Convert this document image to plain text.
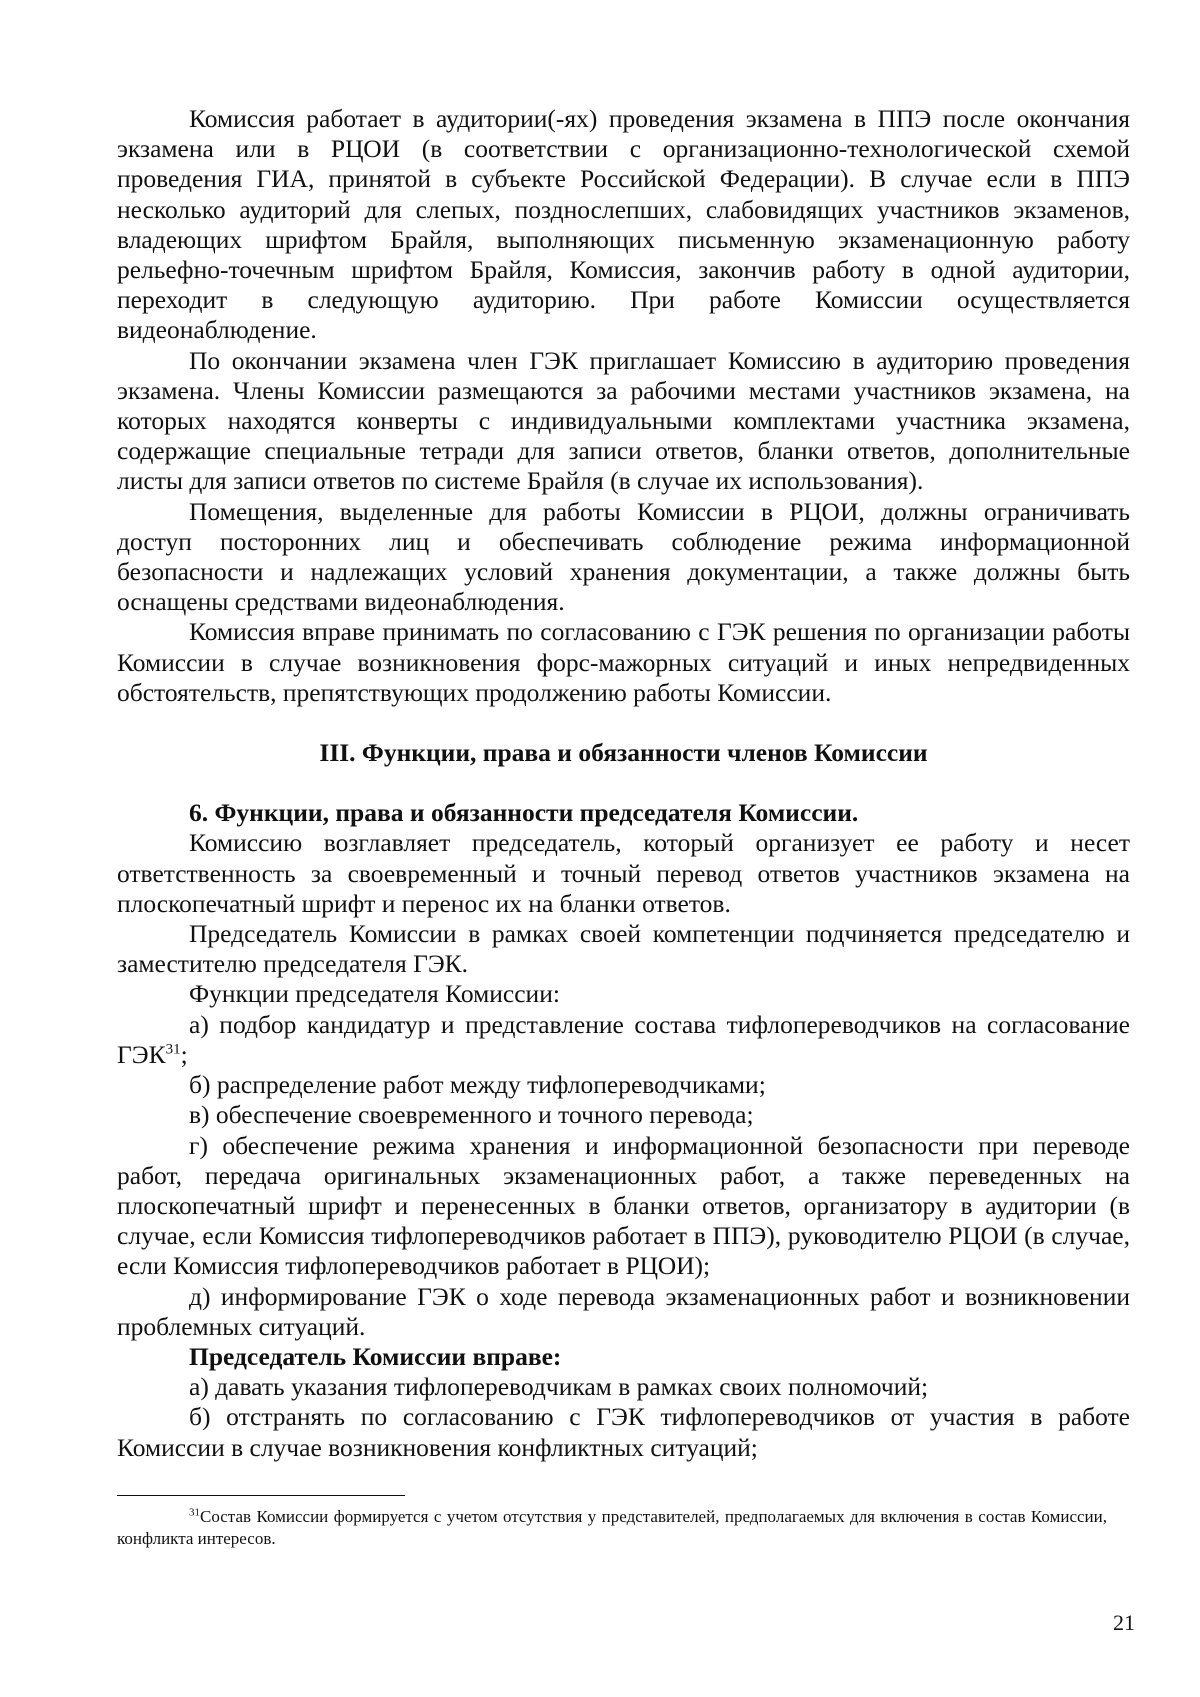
Комиссия работает в аудитории(-ях) проведения экзамена в ППЭ после окончания экзамена или в РЦОИ (в соответствии с организационно-технологической схемой проведения ГИА, принятой в субъекте Российской Федерации). В случае если в ППЭ несколько аудиторий для слепых, позднослепших, слабовидящих участников экзаменов, владеющих шрифтом Брайля, выполняющих письменную экзаменационную работу рельефно-точечным шрифтом Брайля, Комиссия, закончив работу в одной аудитории, переходит в следующую аудиторию. При работе Комиссии осуществляется видеонаблюдение.

По окончании экзамена член ГЭК приглашает Комиссию в аудиторию проведения экзамена. Члены Комиссии размещаются за рабочими местами участников экзамена, на которых находятся конверты с индивидуальными комплектами участника экзамена, содержащие специальные тетради для записи ответов, бланки ответов, дополнительные листы для записи ответов по системе Брайля (в случае их использования).

Помещения, выделенные для работы Комиссии в РЦОИ, должны ограничивать доступ посторонних лиц и обеспечивать соблюдение режима информационной безопасности и надлежащих условий хранения документации, а также должны быть оснащены средствами видеонаблюдения.

Комиссия вправе принимать по согласованию с ГЭК решения по организации работы Комиссии в случае возникновения форс-мажорных ситуаций и иных непредвиденных обстоятельств, препятствующих продолжению работы Комиссии.

III. Функции, права и обязанности членов Комиссии

6. Функции, права и обязанности председателя Комиссии.

Комиссию возглавляет председатель, который организует ее работу и несет ответственность за своевременный и точный перевод ответов участников экзамена на плоскопечатный шрифт и перенос их на бланки ответов.

Председатель Комиссии в рамках своей компетенции подчиняется председателю и заместителю председателя ГЭК.

Функции председателя Комиссии:

а) подбор кандидатур и представление состава тифлопереводчиков на согласование ГЭК$^{31}$;

б) распределение работ между тифлопереводчиками;

в) обеспечение своевременного и точного перевода;

г) обеспечение режима хранения и информационной безопасности при переводе работ, передача оригинальных экзаменационных работ, а также переведенных на плоскопечатный шрифт и перенесенных в бланки ответов, организатору в аудитории (в случае, если Комиссия тифлопереводчиков работает в ППЭ), руководителю РЦОИ (в случае, если Комиссия тифлопереводчиков работает в РЦОИ);

д) информирование ГЭК о ходе перевода экзаменационных работ и возникновении проблемных ситуаций.

Председатель Комиссии вправе:

а) давать указания тифлопереводчикам в рамках своих полномочий;

б) отстранять по согласованию с ГЭК тифлопереводчиков от участия в работе Комиссии в случае возникновения конфликтных ситуаций;

$^{31}$Состав Комиссии формируется с учетом отсутствия у представителей, предполагаемых для включения в состав Комиссии, конфликта интересов.
21
